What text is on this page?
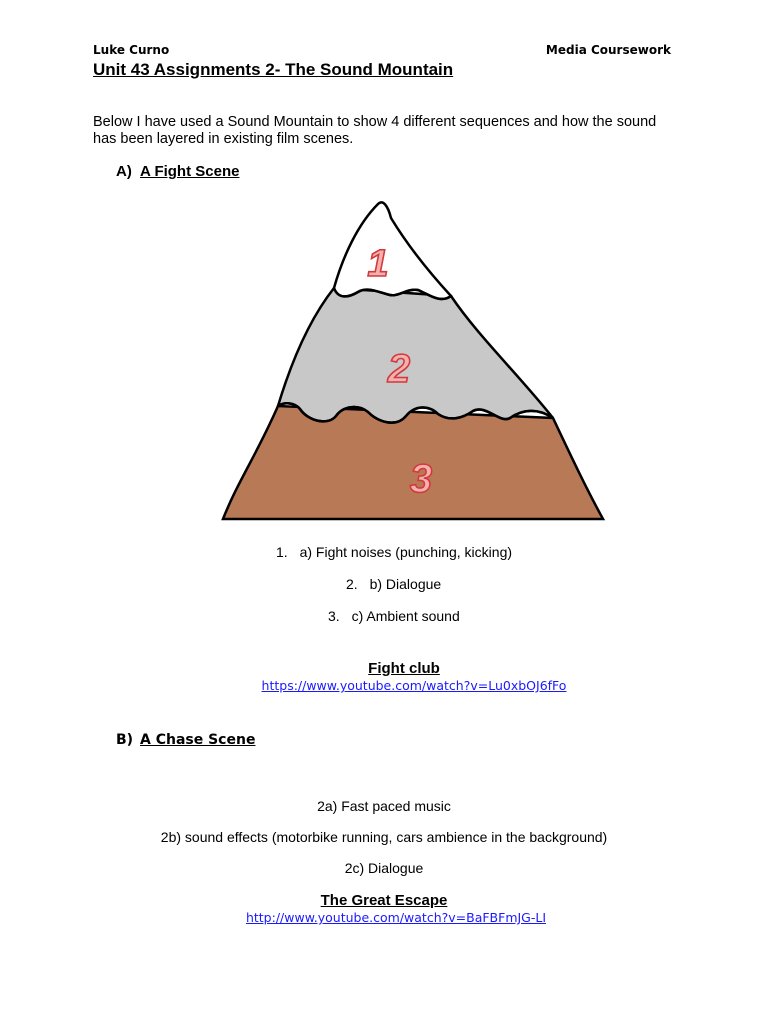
Luke Curno	Media Coursework
Unit 43 Assignments 2- The Sound Mountain
Below I have used a Sound Mountain to show 4 different sequences and how the sound has been layered in existing film scenes.
A) A Fight Scene
1
2
3
1. a) Fight noises (punching, kicking)
2. b) Dialogue
3. c) Ambient sound
Fight club
https://www.youtube.com/watch?v=Lu0xbOJ6fFo
B) A Chase Scene
2a) Fast paced music
2b) sound effects (motorbike running, cars ambience in the background)
2c) Dialogue
The Great Escape
http://www.youtube.com/watch?v=BaFBFmJG-LI
